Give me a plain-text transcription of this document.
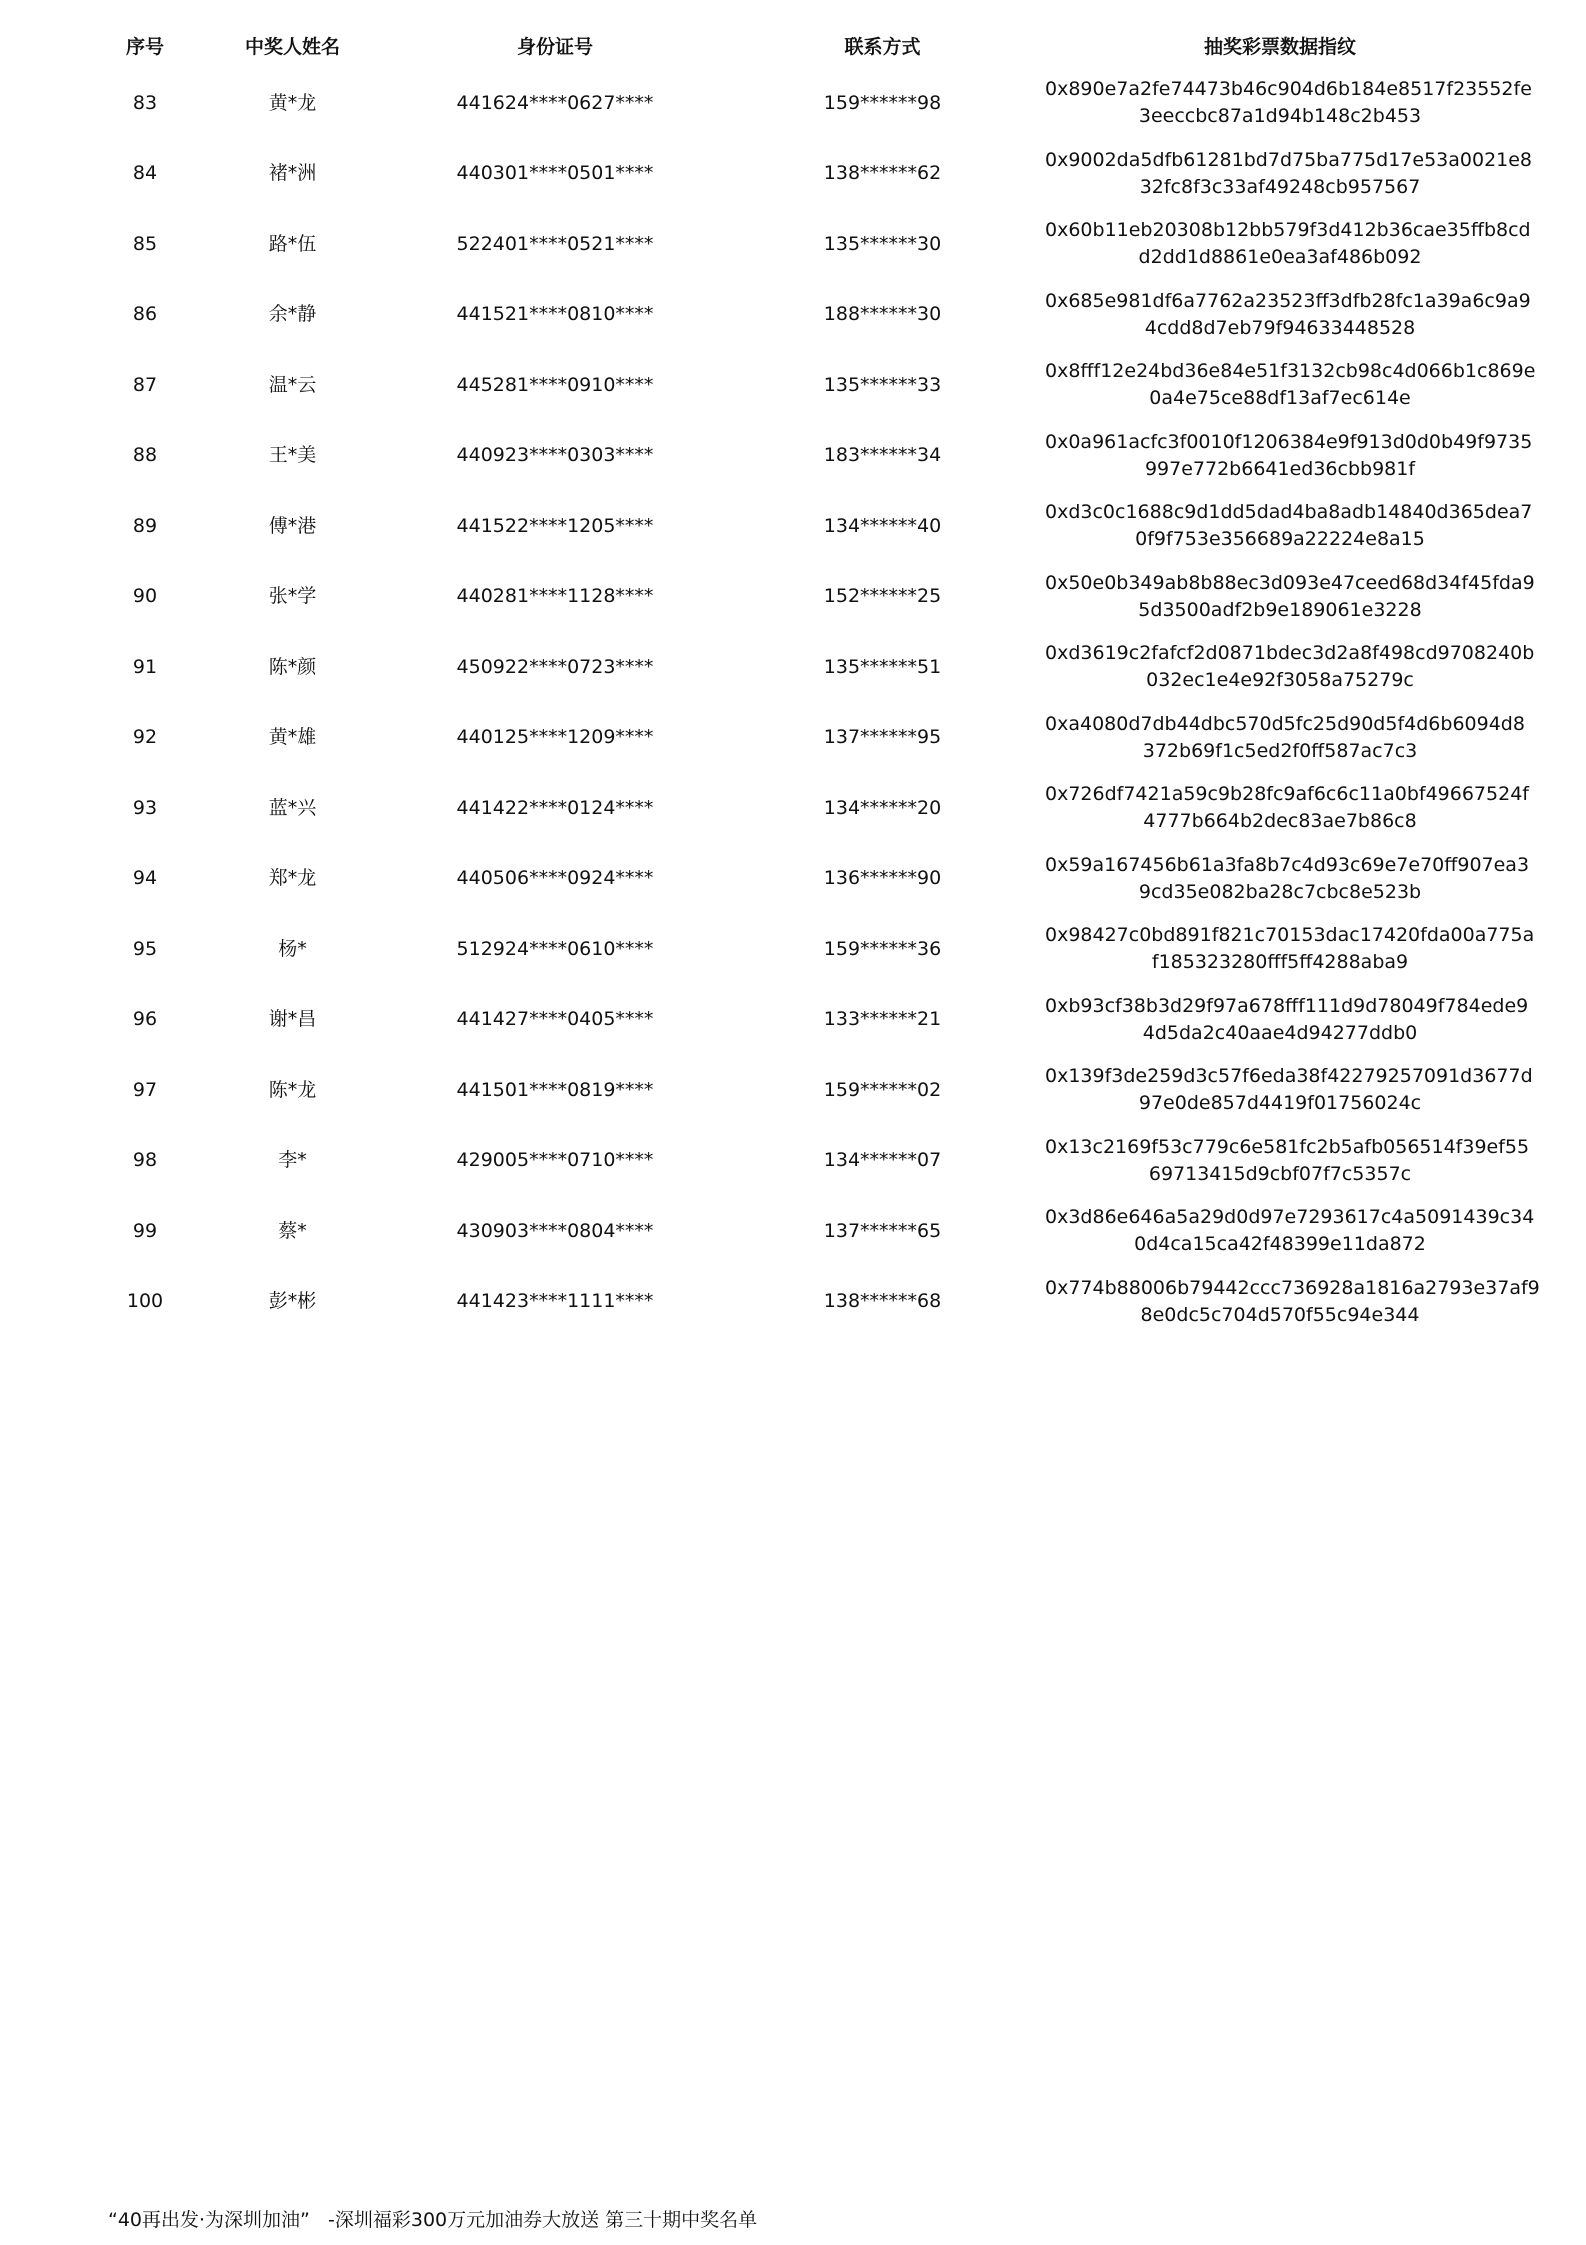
序号	中奖人姓名	身份证号	联系方式	抽奖彩票数据指纹
83	黄*龙	441624****0627****	159******98	0x890e7a2fe74473b46c904d6b184e8517f23552fe
3eeccbc87a1d94b148c2b453

84	褚*洲	440301****0501****	138******62	0x9002da5dfb61281bd7d75ba775d17e53a0021e8
32fc8f3c33af49248cb957567

85	路*伍	522401****0521****	135******30	0x60b11eb20308b12bb579f3d412b36cae35ffb8cd
d2dd1d8861e0ea3af486b092

86	余*静	441521****0810****	188******30	0x685e981df6a7762a23523ff3dfb28fc1a39a6c9a9
4cdd8d7eb79f94633448528

87	温*云	445281****0910****	135******33	0x8fff12e24bd36e84e51f3132cb98c4d066b1c869e
0a4e75ce88df13af7ec614e

88	王*美	440923****0303****	183******34	0x0a961acfc3f0010f1206384e9f913d0d0b49f9735
997e772b6641ed36cbb981f

89	傅*港	441522****1205****	134******40	0xd3c0c1688c9d1dd5dad4ba8adb14840d365dea7
0f9f753e356689a22224e8a15

90	张*学	440281****1128****	152******25	0x50e0b349ab8b88ec3d093e47ceed68d34f45fda9
5d3500adf2b9e189061e3228

91	陈*颜	450922****0723****	135******51	0xd3619c2fafcf2d0871bdec3d2a8f498cd9708240b
032ec1e4e92f3058a75279c

92	黄*雄	440125****1209****	137******95	0xa4080d7db44dbc570d5fc25d90d5f4d6b6094d8
372b69f1c5ed2f0ff587ac7c3

93	蓝*兴	441422****0124****	134******20	0x726df7421a59c9b28fc9af6c6c11a0bf49667524f
4777b664b2dec83ae7b86c8

94	郑*龙	440506****0924****	136******90	0x59a167456b61a3fa8b7c4d93c69e7e70ff907ea3
9cd35e082ba28c7cbc8e523b

95	杨*	512924****0610****	159******36	0x98427c0bd891f821c70153dac17420fda00a775a
f185323280fff5ff4288aba9

96	谢*昌	441427****0405****	133******21	0xb93cf38b3d29f97a678fff111d9d78049f784ede9
4d5da2c40aae4d94277ddb0

97	陈*龙	441501****0819****	159******02	0x139f3de259d3c57f6eda38f42279257091d3677d
97e0de857d4419f01756024c

98	李*	429005****0710****	134******07	0x13c2169f53c779c6e581fc2b5afb056514f39ef55
69713415d9cbf07f7c5357c

99	蔡*	430903****0804****	137******65	0x3d86e646a5a29d0d97e7293617c4a5091439c34
0d4ca15ca42f48399e11da872

100	彭*彬	441423****1111****	138******68	0x774b88006b79442ccc736928a1816a2793e37af9
8e0dc5c704d570f55c94e344
“40再出发·为深圳加油”   -深圳福彩300万元加油券大放送 第三十期中奖名单
